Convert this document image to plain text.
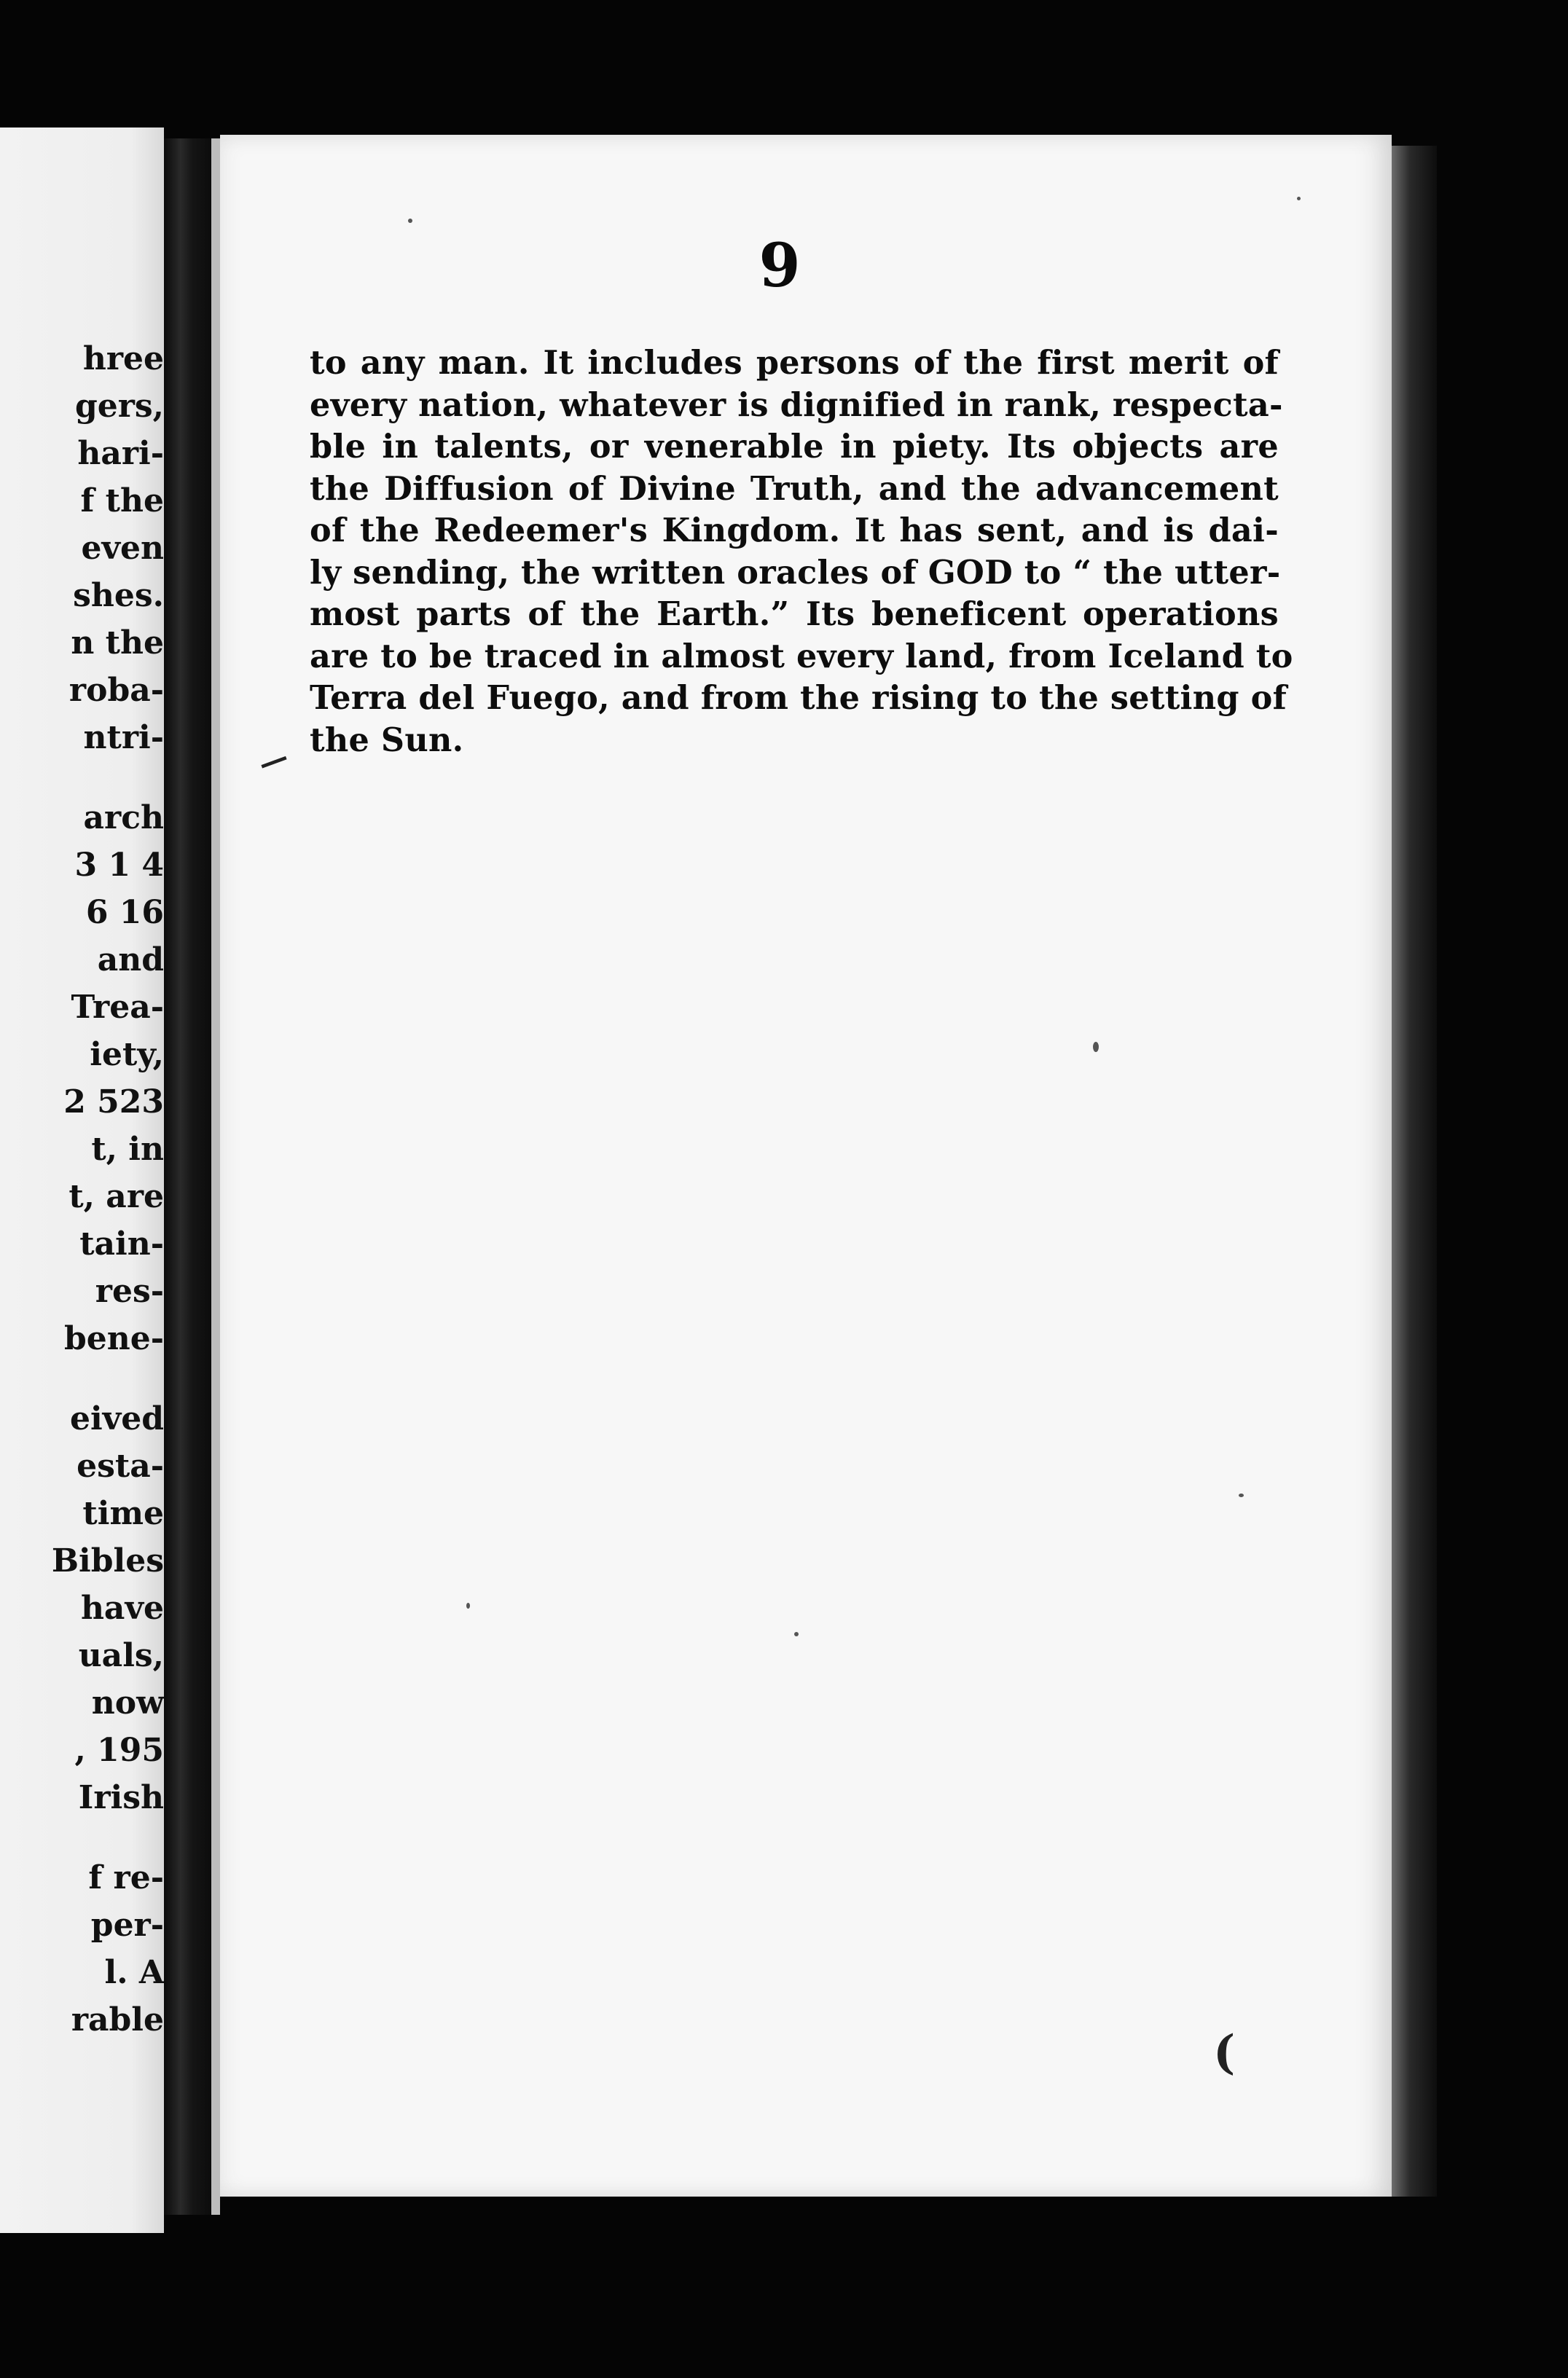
hree
gers,
hari-
f the
even
shes.
n the
roba-
ntri-
arch
3 1 4
6 16
and
Trea-
iety,
2 523
t, in
t, are
tain-
res-
bene-
eived
esta-
time
Bibles
have
uals,
now
, 195
Irish
f re-
per-
l. A
rable
9
to any man. It includes persons of the first merit of
every nation, whatever is dignified in rank, respecta-
ble in talents, or venerable in piety. Its objects are
the Diffusion of Divine Truth, and the advancement
of the Redeemer's Kingdom. It has sent, and is dai-
ly sending, the written oracles of GOD to “ the utter-
most parts of the Earth.” Its beneficent operations
are to be traced in almost every land, from Iceland to
Terra del Fuego, and from the rising to the setting of
the Sun.
(
—
